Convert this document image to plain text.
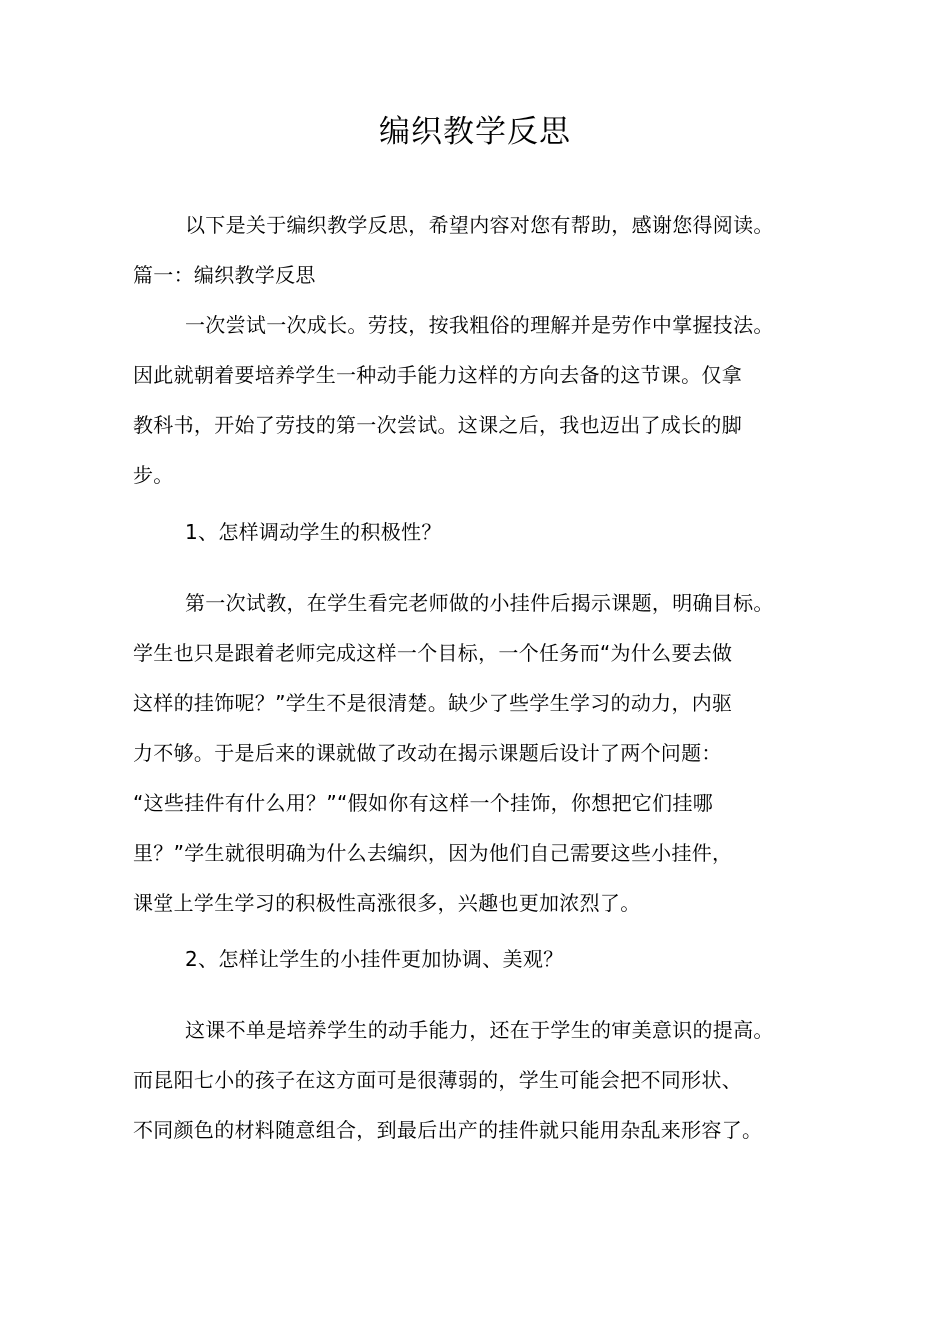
编织教学反思
以下是关于编织教学反思，希望内容对您有帮助，感谢您得阅读。
篇一：编织教学反思
一次尝试一次成长。劳技，按我粗俗的理解并是劳作中掌握技法。
因此就朝着要培养学生一种动手能力这样的方向去备的这节课。仅拿
教科书，开始了劳技的第一次尝试。这课之后，我也迈出了成长的脚
步。
1、怎样调动学生的积极性？
第一次试教，在学生看完老师做的小挂件后揭示课题，明确目标。
学生也只是跟着老师完成这样一个目标，一个任务而“为什么要去做
这样的挂饰呢？”学生不是很清楚。缺少了些学生学习的动力，内驱
力不够。于是后来的课就做了改动在揭示课题后设计了两个问题：
“这些挂件有什么用？”“假如你有这样一个挂饰，你想把它们挂哪
里？”学生就很明确为什么去编织，因为他们自己需要这些小挂件，
课堂上学生学习的积极性高涨很多，兴趣也更加浓烈了。
2、怎样让学生的小挂件更加协调、美观？
这课不单是培养学生的动手能力，还在于学生的审美意识的提高。
而昆阳七小的孩子在这方面可是很薄弱的，学生可能会把不同形状、
不同颜色的材料随意组合，到最后出产的挂件就只能用杂乱来形容了。
